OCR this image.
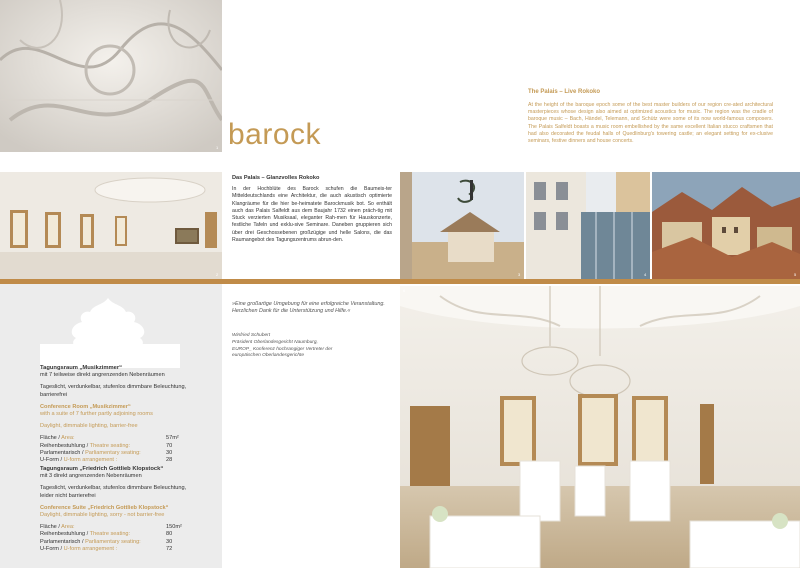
1 barock
The Palais – Live Rokoko
At the height of the baroque epoch some of the best master builders of our region cre-ated architectural masterpieces whose design also aimed at optimized acoustics for music. The region was the cradle of baroque music – Bach, Händel, Telemann, and Schütz were some of its now world-famous composers. The Palais Salfeldt boasts a music room embellished by the same excellent Italian stucco craftsmen that had also decorated the feudal halls of Quedlinburg's towering castle; an elegant setting for ex-clusive seminars, festive dinners and house concerts.
2
Das Palais – Glanzvolles Rokoko
In der Hochblüte des Barock schufen die Baumeis-ter Mitteldeutschlands eine Architektur, die auch akustisch optimierte Klangräume für die hier be-heimatete Barockmusik bot. So enthält auch das Palais Salfeldt aus dem Baujahr 1732 einen präch-tig mit Stuck verzierten Musiksaal, eleganter Rah-men für Hauskonzerte, festliche Tafeln und exklu-sive Seminare. Daneben gruppieren sich über drei Geschossebenen großzügige und helle Salons, die das Raumangebot des Tagungszentrums abrun-den.
3	4	5
Tagungsraum „Musikzimmer“
mit 7 teilweise direkt angrenzenden Nebenräumen
Tageslicht, verdunkelbar, stufenlos dimmbare Beleuchtung, barrierefrei
Conference Room „Musikzimmer“
with a suite of 7 further partly adjoining rooms
Daylight, dimmable lighting, barrier-free
Fläche / Area:	57m²
Reihenbestuhlung / Theatre seating:	70
Parlamentarisch / Parliamentary seating:	30
U-Form / U-form arrangement :	28
Tagungsraum „Friedrich Gottlieb Klopstock“
mit 3 direkt angrenzenden Nebenräumen
Tageslicht, verdunkelbar, stufenlos dimmbare Beleuchtung, leider nicht barrierefrei
Conference Suite „Friedrich Gottlieb Klopstock“
Daylight, dimmable lighting, sorry - not barrier-free
Fläche / Area:	150m²
Reihenbestuhlung / Theatre seating:	80
Parlamentarisch / Parliamentary seating:	30
U-Form / U-form arrangement :	72
»Eine großartige Umgebung für eine erfolgreiche Veranstaltung. Herzlichen Dank für die Unterstützung und Hilfe.«
Winfried Schubert
Präsident Oberlandesgericht Naumburg,
EUROP_ Konferenz hochrangiger Vertreter der
europäischen Oberlandesgerichte
6
